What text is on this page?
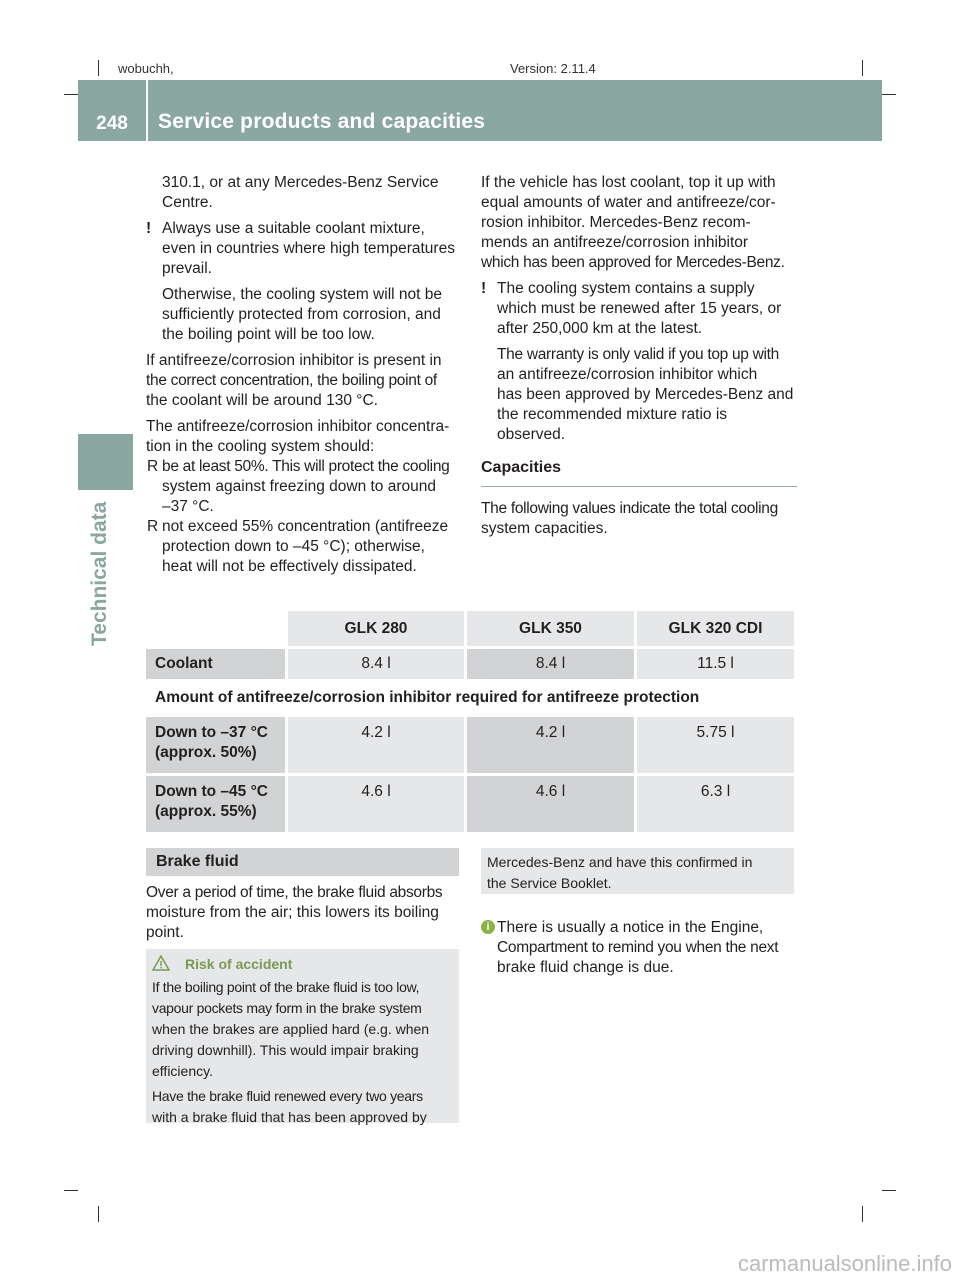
wobuchh,	Version: 2.11.4
248	Service products and capacities
Technical data
310.1, or at any Mercedes-Benz Service
Centre.
! Always use a suitable coolant mixture,
even in countries where high temperatures
prevail.
Otherwise, the cooling system will not be
sufficiently protected from corrosion, and
the boiling point will be too low.
If antifreeze/corrosion inhibitor is present in
the correct concentration, the boiling point of
the coolant will be around 130 °C.
The antifreeze/corrosion inhibitor concentra-
tion in the cooling system should:
R be at least 50%. This will protect the cooling
system against freezing down to around
–37 °C.
R not exceed 55% concentration (antifreeze
protection down to –45 °C); otherwise,
heat will not be effectively dissipated.
If the vehicle has lost coolant, top it up with
equal amounts of water and antifreeze/cor-
rosion inhibitor. Mercedes-Benz recom-
mends an antifreeze/corrosion inhibitor
which has been approved for Mercedes-Benz.
! The cooling system contains a supply
which must be renewed after 15 years, or
after 250,000 km at the latest.
The warranty is only valid if you top up with
an antifreeze/corrosion inhibitor which
has been approved by Mercedes-Benz and
the recommended mixture ratio is
observed.
Capacities
The following values indicate the total cooling
system capacities.
	GLK 280	GLK 350	GLK 320 CDI
Coolant	8.4 l	8.4 l	11.5 l
Amount of antifreeze/corrosion inhibitor required for antifreeze protection			

Down to –37 °C
(approx. 50%)	4.2 l	4.2 l	5.75 l

Down to –45 °C
(approx. 55%)	4.6 l	4.6 l	6.3 l
Brake fluid
Over a period of time, the brake fluid absorbs
moisture from the air; this lowers its boiling
point.
Risk of accident
If the boiling point of the brake fluid is too low,
vapour pockets may form in the brake system
when the brakes are applied hard (e.g. when
driving downhill). This would impair braking
efficiency.
Have the brake fluid renewed every two years
with a brake fluid that has been approved by
Mercedes-Benz and have this confirmed in
the Service Booklet.
i There is usually a notice in the Engine,
Compartment to remind you when the next
brake fluid change is due.
carmanualsonline.info
